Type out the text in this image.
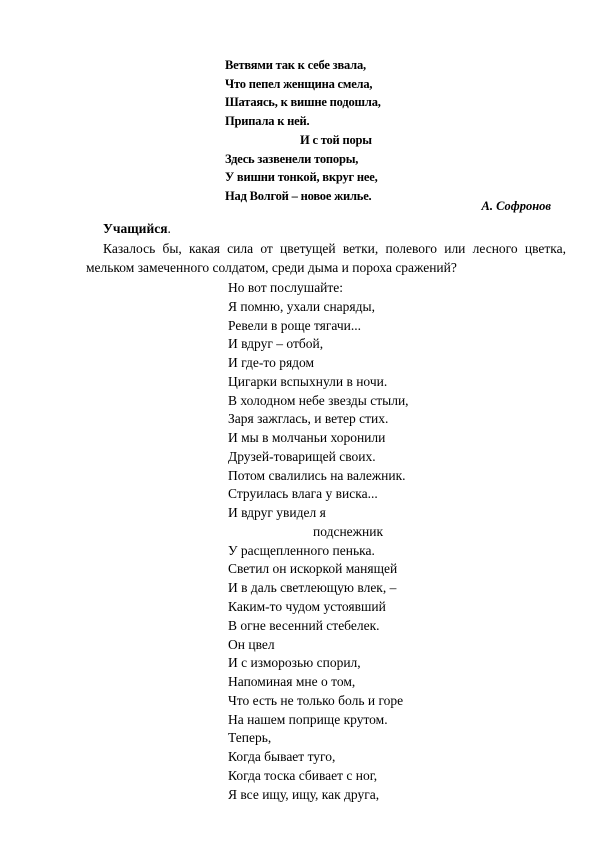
Ветвями так к себе звала,
Что пепел женщина смела,
Шатаясь, к вишне подошла,
Припала к ней.
И с той поры
Здесь зазвенели топоры,
У вишни тонкой, вкруг нее,
Над Волгой – новое жилье.
А. Софронов
Учащийся.
Казалось бы, какая сила от цветущей ветки, полевого или лесного цветка, мельком замеченного солдатом, среди дыма и пороха сражений?
Но вот послушайте:
Я помню, ухали снаряды,
Ревели в роще тягачи...
И вдруг – отбой,
И где-то рядом
Цигарки вспыхнули в ночи.
В холодном небе звезды стыли,
Заря зажглась, и ветер стих.
И мы в молчаньи хоронили
Друзей-товарищей своих.
Потом свалились на валежник.
Струилась влага у виска...
И вдруг увидел я
подснежник
У расщепленного пенька.
Светил он искоркой манящей
И в даль светлеющую влек, –
Каким-то чудом устоявший
В огне весенний стебелек.
Он цвел
И с изморозью спорил,
Напоминая мне о том,
Что есть не только боль и горе
На нашем поприще крутом.
Теперь,
Когда бывает туго,
Когда тоска сбивает с ног,
Я все ищу, ищу, как друга,
